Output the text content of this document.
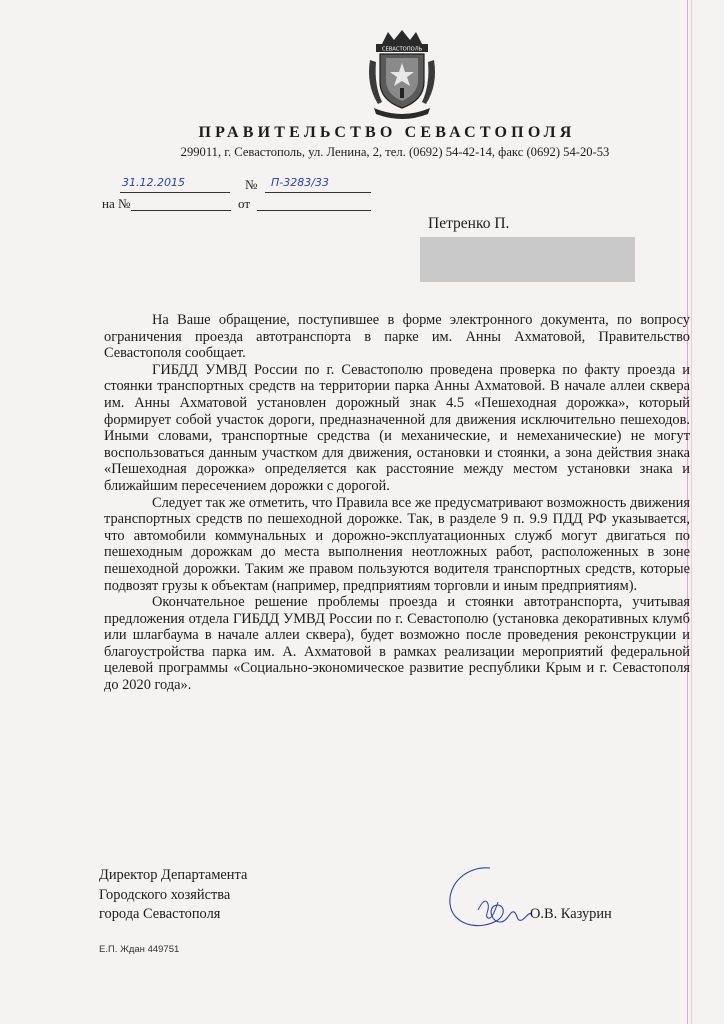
СЕВАСТОПОЛЬ
ПРАВИТЕЛЬСТВО СЕВАСТОПОЛЯ
299011, г. Севастополь, ул. Ленина, 2, тел. (0692) 54-42-14, факс (0692) 54-20-53
31.12.2015	№ П-3283/33
на №	от
Петренко П.

На Ваше обращение, поступившее в форме электронного документа, по вопросу ограничения проезда автотранспорта в парке им. Анны Ахматовой, Правительство Севастополя сообщает.

ГИБДД УМВД России по г. Севастополю проведена проверка по факту проезда и стоянки транспортных средств на территории парка Анны Ахматовой. В начале аллеи сквера им. Анны Ахматовой установлен дорожный знак 4.5 «Пешеходная дорожка», который формирует собой участок дороги, предназначенной для движения исключительно пешеходов. Иными словами, транспортные средства (и механические, и немеханические) не могут воспользоваться данным участком для движения, остановки и стоянки, а зона действия знака «Пешеходная дорожка» определяется как расстояние между местом установки знака и ближайшим пересечением дорожки с дорогой.

Следует так же отметить, что Правила все же предусматривают возможность движения транспортных средств по пешеходной дорожке. Так, в разделе 9 п. 9.9 ПДД РФ указывается, что автомобили коммунальных и дорожно-эксплуатационных служб могут двигаться по пешеходным дорожкам до места выполнения неотложных работ, расположенных в зоне пешеходной дорожки. Таким же правом пользуются водителя транспортных средств, которые подвозят грузы к объектам (например, предприятиям торговли и иным предприятиям).

Окончательное решение проблемы проезда и стоянки автотранспорта, учитывая предложения отдела ГИБДД УМВД России по г. Севастополю (установка декоративных клумб или шлагбаума в начале аллеи сквера), будет возможно после проведения реконструкции и благоустройства парка им. А. Ахматовой в рамках реализации мероприятий федеральной целевой программы «Социально-экономическое развитие республики Крым и г. Севастополя до 2020 года».

Директор Департамента
Городского хозяйства
города Севастополя	О.В. Казурин
Е.П. Ждан 449751
